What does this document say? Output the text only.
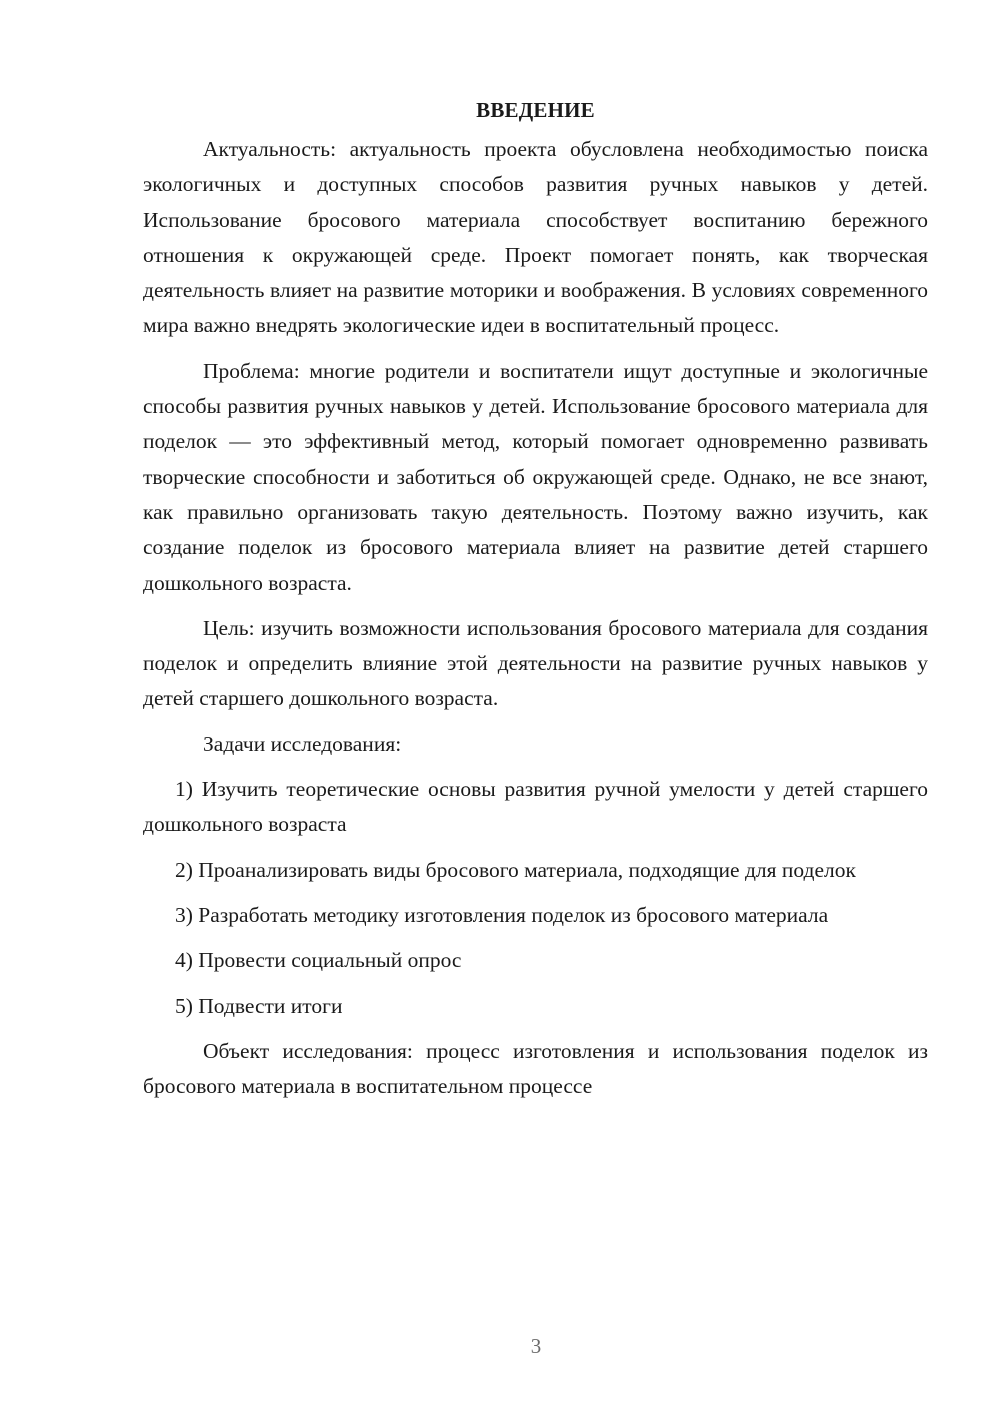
ВВЕДЕНИЕ

Актуальность: актуальность проекта обусловлена необходимостью поиска экологичных и доступных способов развития ручных навыков у детей. Использование бросового материала способствует воспитанию бережного отношения к окружающей среде. Проект помогает понять, как творческая деятельность влияет на развитие моторики и воображения. В условиях современного мира важно внедрять экологические идеи в воспитательный процесс.

Проблема: многие родители и воспитатели ищут доступные и экологичные способы развития ручных навыков у детей. Использование бросового материала для поделок — это эффективный метод, который помогает одновременно развивать творческие способности и заботиться об окружающей среде. Однако, не все знают, как правильно организовать такую деятельность. Поэтому важно изучить, как создание поделок из бросового материала влияет на развитие детей старшего дошкольного возраста.

Цель: изучить возможности использования бросового материала для создания поделок и определить влияние этой деятельности на развитие ручных навыков у детей старшего дошкольного возраста.

Задачи исследования:

1) Изучить теоретические основы развития ручной умелости у детей старшего дошкольного возраста

2) Проанализировать виды бросового материала, подходящие для поделок

3) Разработать методику изготовления поделок из бросового материала

4) Провести социальный опрос

5) Подвести итоги

Объект исследования: процесс изготовления и использования поделок из бросового материала в воспитательном процессе

3
